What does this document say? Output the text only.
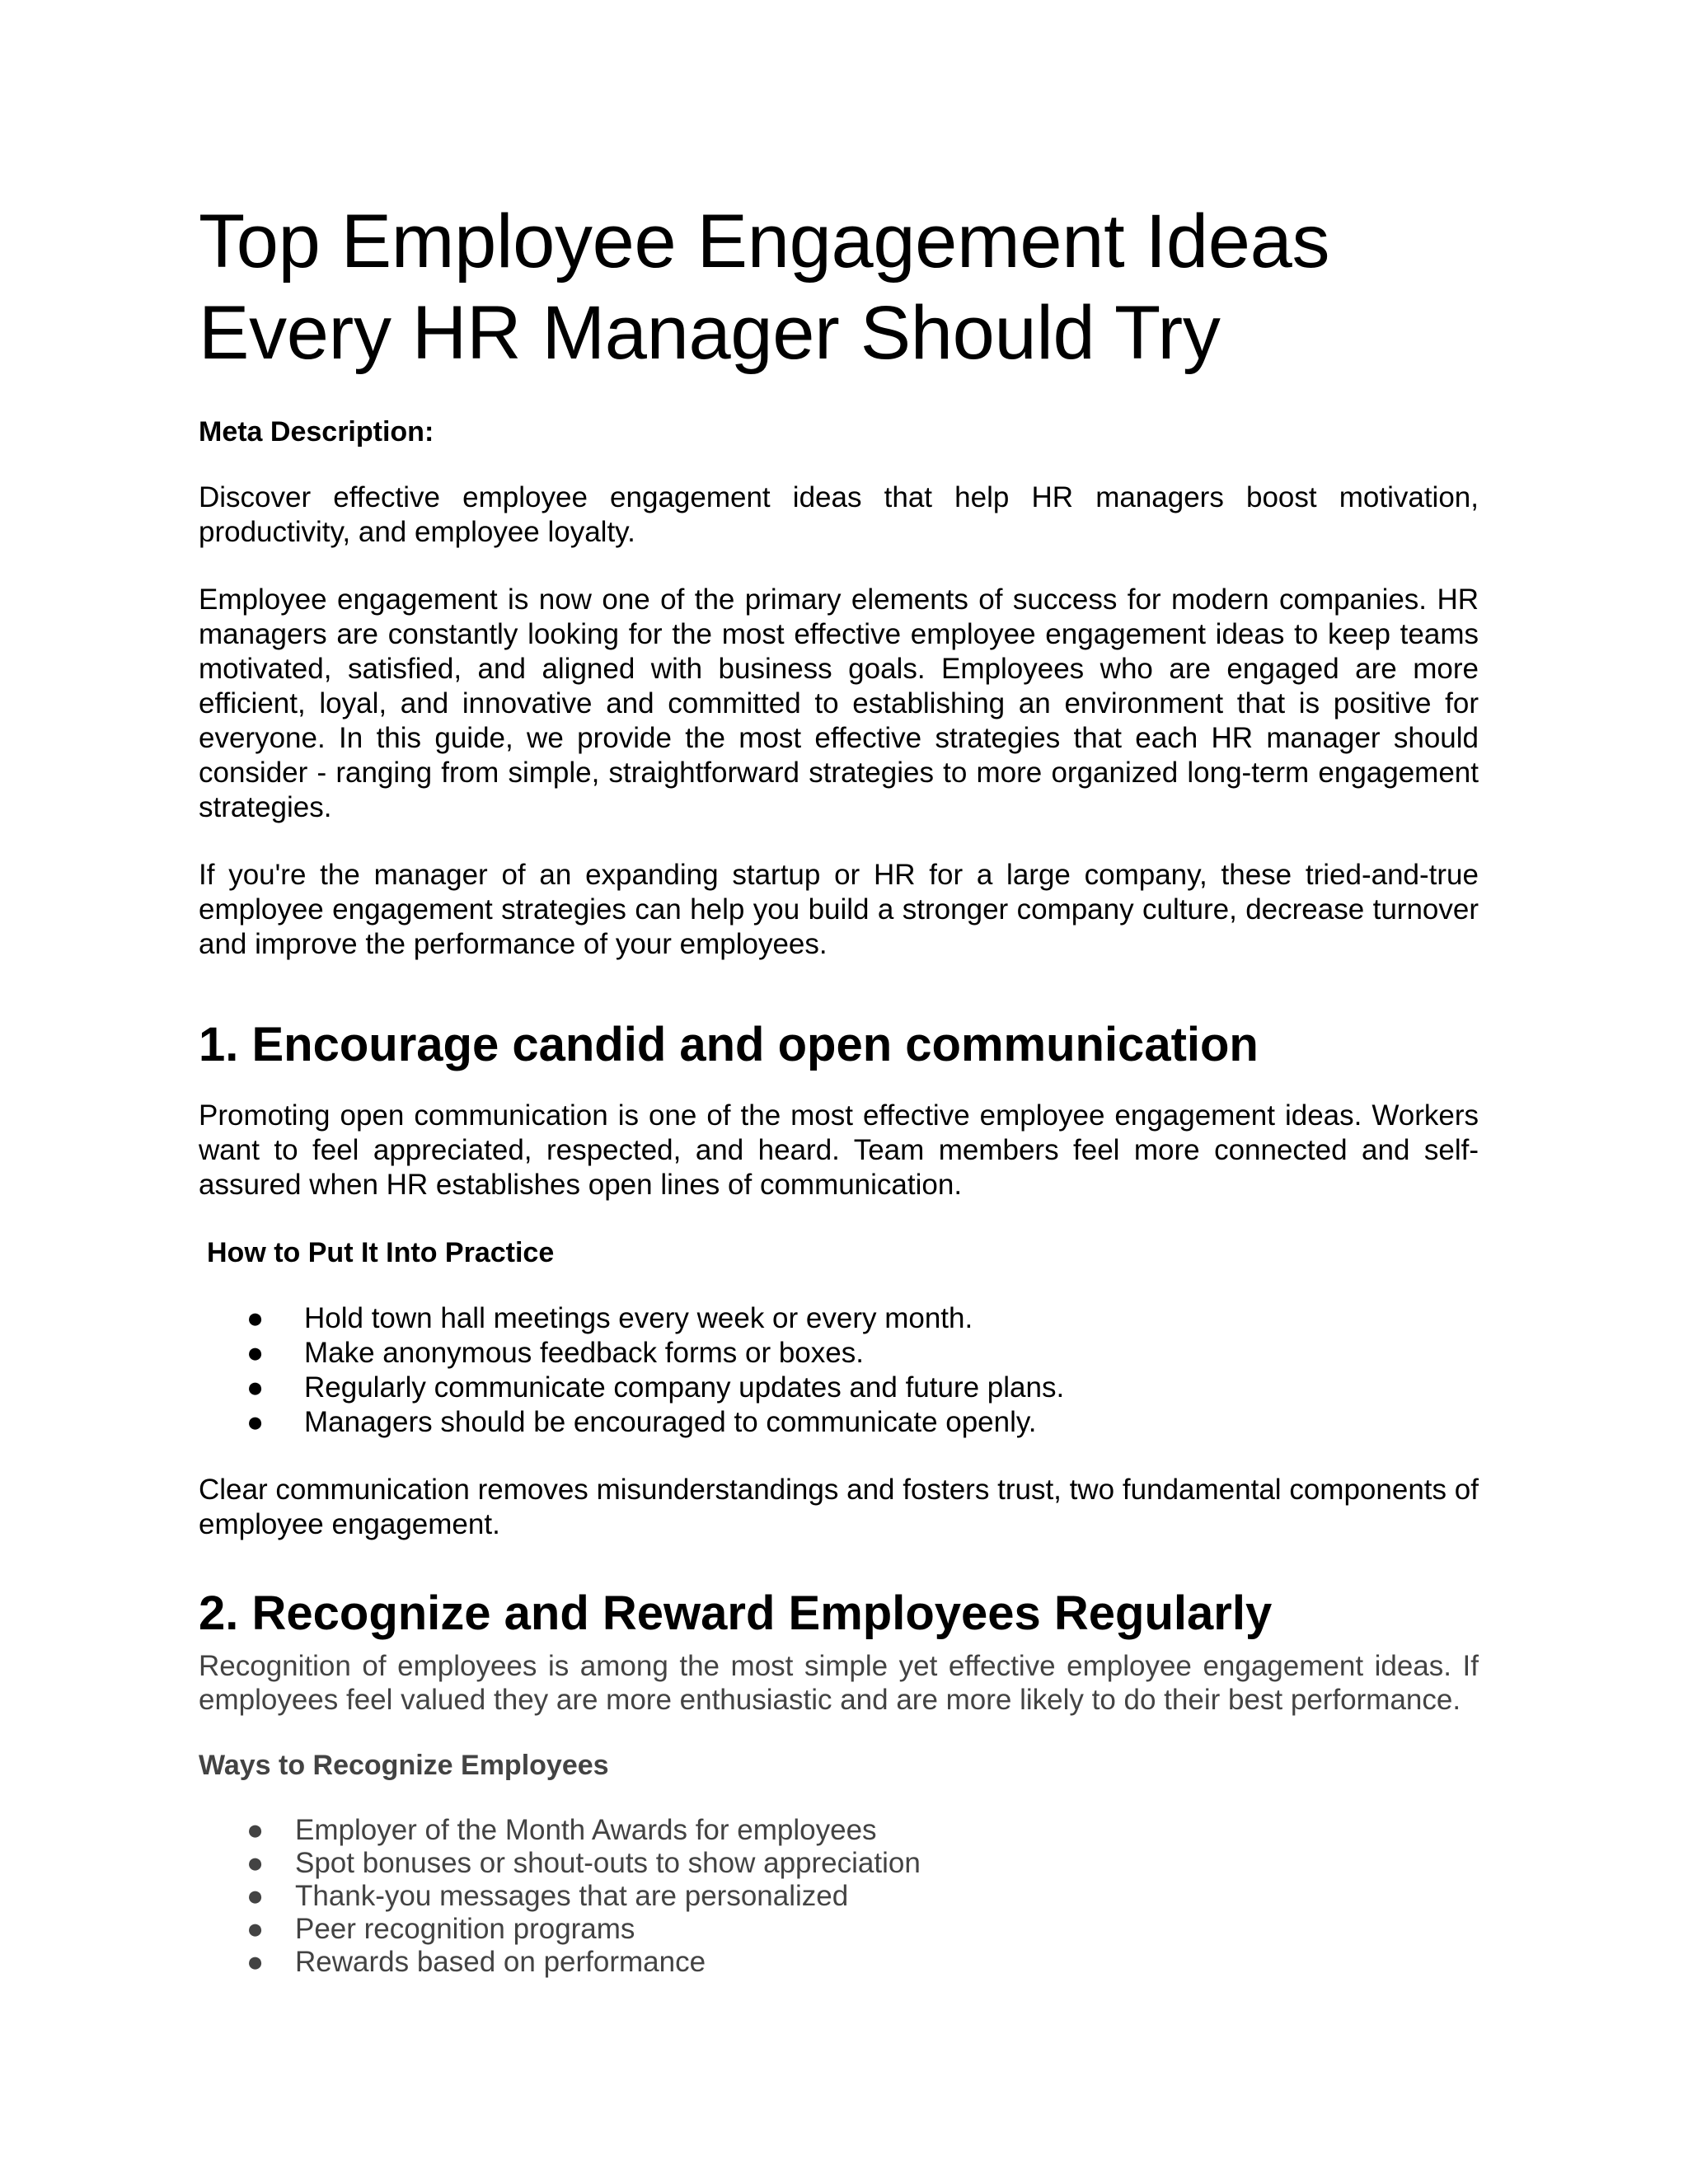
Top Employee Engagement Ideas Every HR Manager Should Try
Meta Description:

Discover effective employee engagement ideas that help HR managers boost motivation, productivity, and employee loyalty.

Employee engagement is now one of the primary elements of success for modern companies. HR managers are constantly looking for the most effective employee engagement ideas to keep teams motivated, satisfied, and aligned with business goals. Employees who are engaged are more efficient, loyal, and innovative and committed to establishing an environment that is positive for everyone. In this guide, we provide the most effective strategies that each HR manager should consider - ranging from simple, straightforward strategies to more organized long-term engagement strategies.

If you're the manager of an expanding startup or HR for a large company, these tried-and-true employee engagement strategies can help you build a stronger company culture, decrease turnover and improve the performance of your employees.

1. Encourage candid and open communication

Promoting open communication is one of the most effective employee engagement ideas. Workers want to feel appreciated, respected, and heard. Team members feel more connected and self-assured when HR establishes open lines of communication.

How to Put It Into Practice
● Hold town hall meetings every week or every month.
● Make anonymous feedback forms or boxes.
● Regularly communicate company updates and future plans.
● Managers should be encouraged to communicate openly.

Clear communication removes misunderstandings and fosters trust, two fundamental components of employee engagement.

2. Recognize and Reward Employees Regularly

Recognition of employees is among the most simple yet effective employee engagement ideas. If employees feel valued they are more enthusiastic and are more likely to do their best performance.

Ways to Recognize Employees
● Employer of the Month Awards for employees
● Spot bonuses or shout-outs to show appreciation
● Thank-you messages that are personalized
● Peer recognition programs
● Rewards based on performance
